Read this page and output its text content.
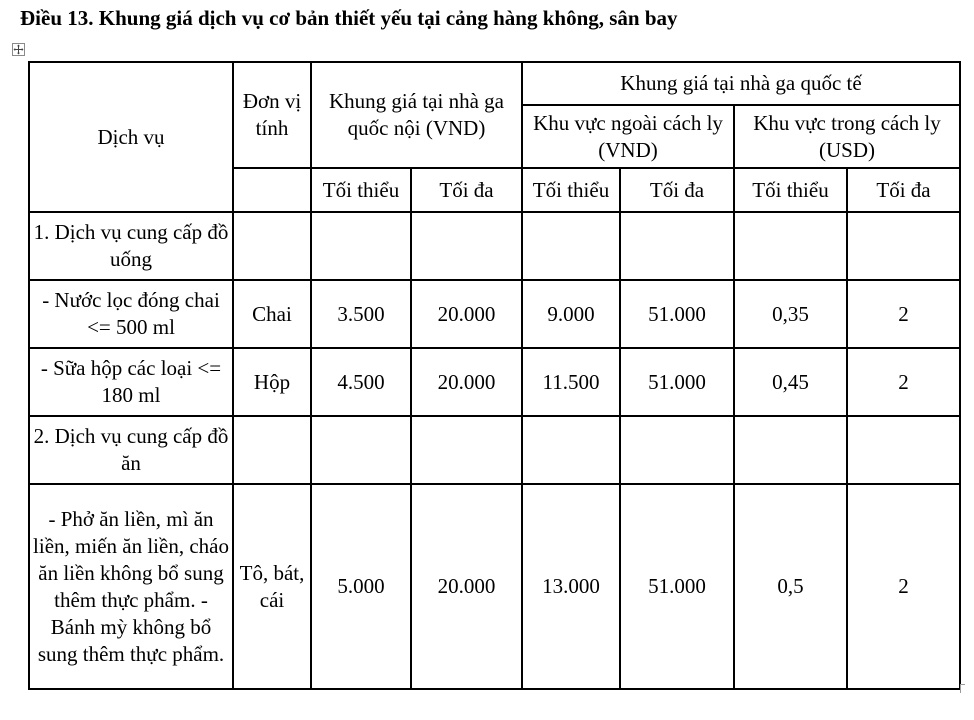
Điều 13. Khung giá dịch vụ cơ bản thiết yếu tại cảng hàng không, sân bay
Dịch vụ	Đơn vị tính	Khung giá tại nhà ga quốc nội (VND)		Khung giá tại nhà ga quốc tế			
				Khu vực ngoài cách ly (VND)		Khu vực trong cách ly (USD)	
		Tối thiểu	Tối đa	Tối thiểu	Tối đa	Tối thiểu	Tối đa
1. Dịch vụ cung cấp đồ uống							
- Nước lọc đóng chai <= 500 ml	Chai	3.500	20.000	9.000	51.000	0,35	2
- Sữa hộp các loại <= 180 ml	Hộp	4.500	20.000	11.500	51.000	0,45	2
2. Dịch vụ cung cấp đồ ăn							
- Phở ăn liền, mì ăn liền, miến ăn liền, cháo ăn liền không bổ sung thêm thực phẩm. - Bánh mỳ không bổ sung thêm thực phẩm.	Tô, bát, cái	5.000	20.000	13.000	51.000	0,5	2
